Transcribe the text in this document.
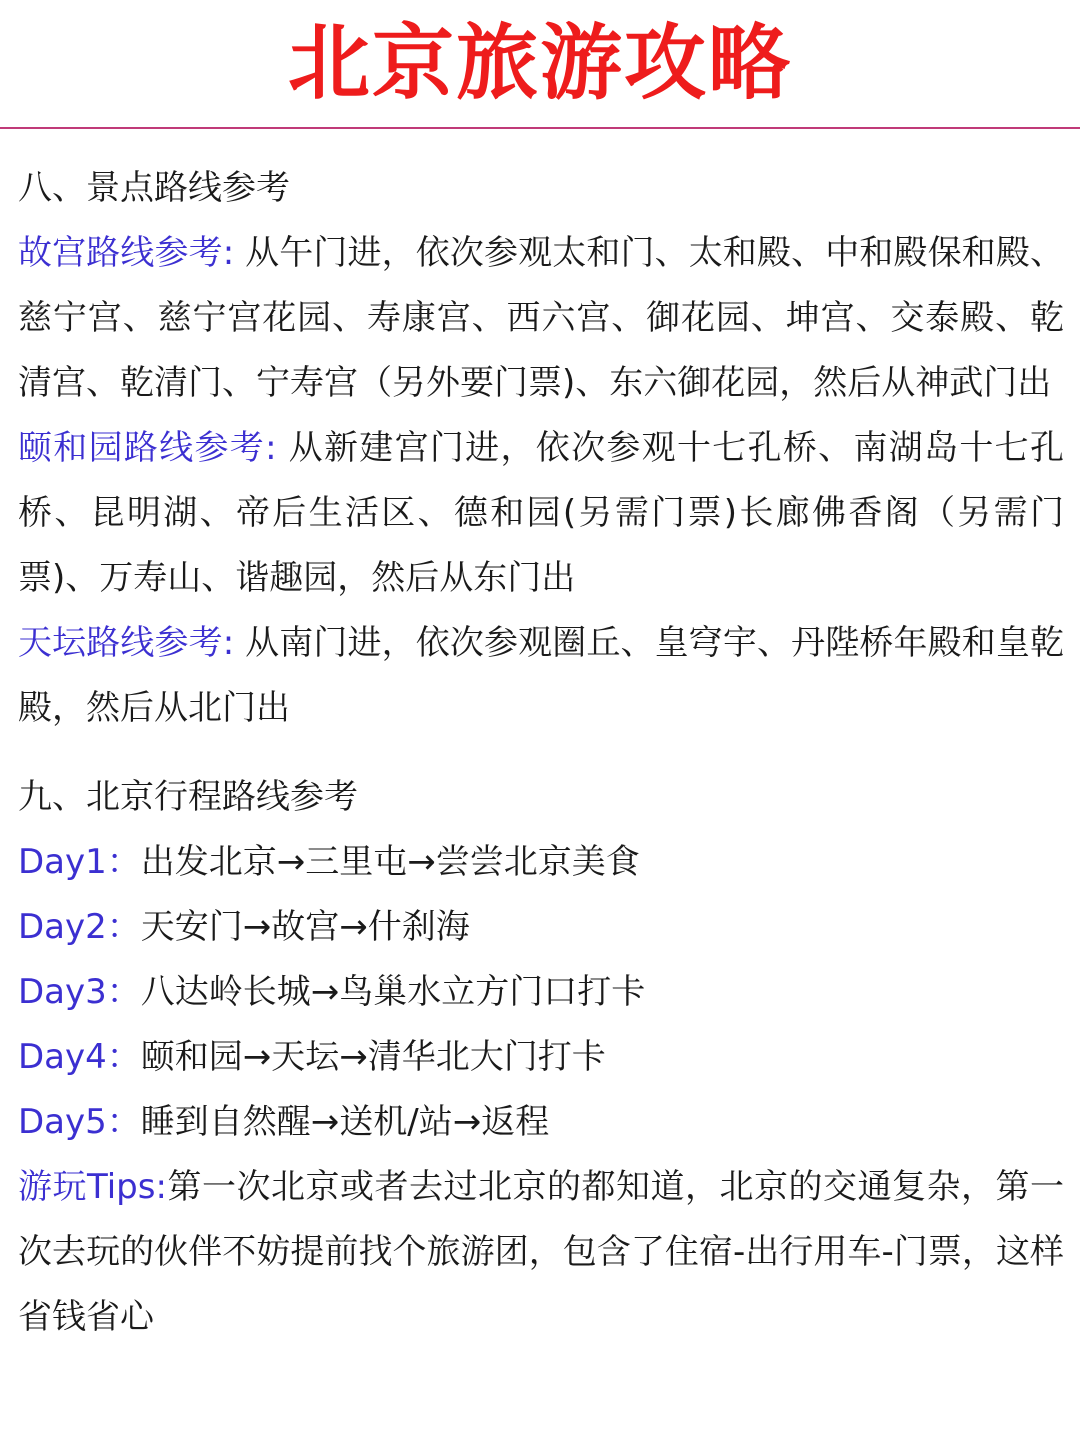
北京旅游攻略

八、景点路线参考

故宫路线参考: 从午门进，依次参观太和门、太和殿、中和殿保和殿、慈宁宫、慈宁宫花园、寿康宫、西六宫、御花园、坤宫、交泰殿、乾清宫、乾清门、宁寿宫（另外要门票)、东六御花园，然后从神武门出

颐和园路线参考: 从新建宫门进，依次参观十七孔桥、南湖岛十七孔桥、昆明湖、帝后生活区、德和园(另需门票)长廊佛香阁（另需门票)、万寿山、谐趣园，然后从东门出

天坛路线参考: 从南门进，依次参观圈丘、皇穹宇、丹陛桥年殿和皇乾殿，然后从北门出

九、北京行程路线参考

Day1：出发北京→三里屯→尝尝北京美食

Day2：天安门→故宫→什刹海

Day3：八达岭长城→鸟巢水立方门口打卡

Day4：颐和园→天坛→清华北大门打卡

Day5：睡到自然醒→送机/站→返程

游玩Tips:第一次北京或者去过北京的都知道，北京的交通复杂，第一次去玩的伙伴不妨提前找个旅游团，包含了住宿-出行用车-门票，这样省钱省心
